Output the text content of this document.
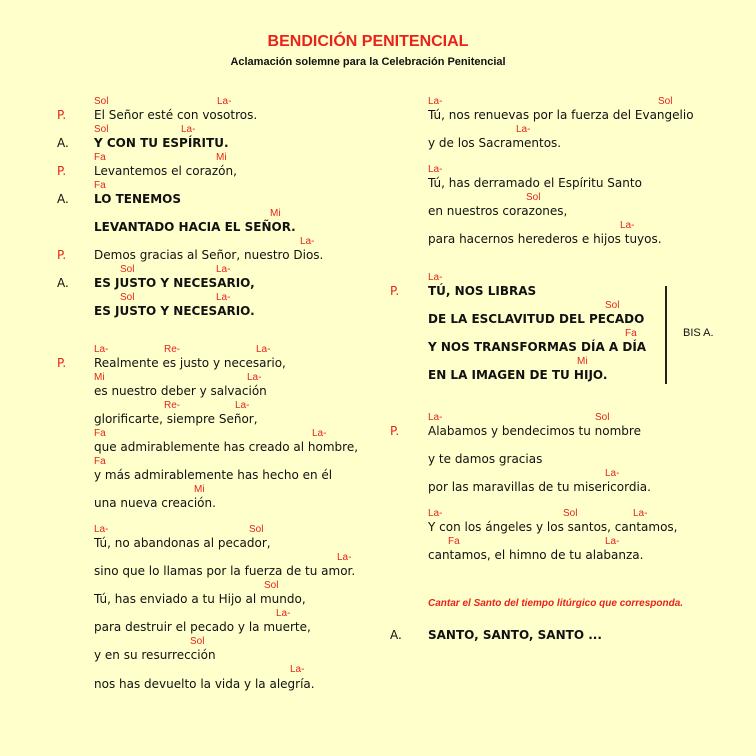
BENDICIÓN PENITENCIAL
Aclamación solemne para la Celebración Penitencial
Sol	La-
P. El Señor esté con vosotros.
Sol	La-
A. Y CON TU ESPÍRITU.
Fa	Mi
P. Levantemos el corazón,
Fa
A. LO TENEMOS
Mi
LEVANTADO HACIA EL SEÑOR.
La-
P. Demos gracias al Señor, nuestro Dios.
Sol	La-
A. ES JUSTO Y NECESARIO,
Sol	La-
ES JUSTO Y NECESARIO.
La-	Re-	La-
P. Realmente es justo y necesario,
Mi	La-
es nuestro deber y salvación
Re-	La-
glorificarte, siempre Señor,
Fa	La-
que admirablemente has creado al hombre,
Fa
y más admirablemente has hecho en él
Mi
una nueva creación.
La-	Sol
Tú, no abandonas al pecador,
La-
sino que lo llamas por la fuerza de tu amor.
Sol
Tú, has enviado a tu Hijo al mundo,
La-
para destruir el pecado y la muerte,
Sol
y en su resurrección
La-
nos has devuelto la vida y la alegría.
La-	Sol
Tú, nos renuevas por la fuerza del Evangelio
La-
y de los Sacramentos.
La-
Tú, has derramado el Espíritu Santo
Sol
en nuestros corazones,
La-
para hacernos herederos e hijos tuyos.
La-
P. TÚ, NOS LIBRAS
Sol
DE LA ESCLAVITUD DEL PECADO
Fa
Y NOS TRANSFORMAS DÍA A DÍA
Mi
EN LA IMAGEN DE TU HIJO.
BIS A.
La-	Sol
P. Alabamos y bendecimos tu nombre
y te damos gracias
La-
por las maravillas de tu misericordia.
La-	Sol	La-
Y con los ángeles y los santos, cantamos,
Fa	La-
cantamos, el himno de tu alabanza.
Cantar el Santo del tiempo litúrgico que corresponda.
A. SANTO, SANTO, SANTO ...
